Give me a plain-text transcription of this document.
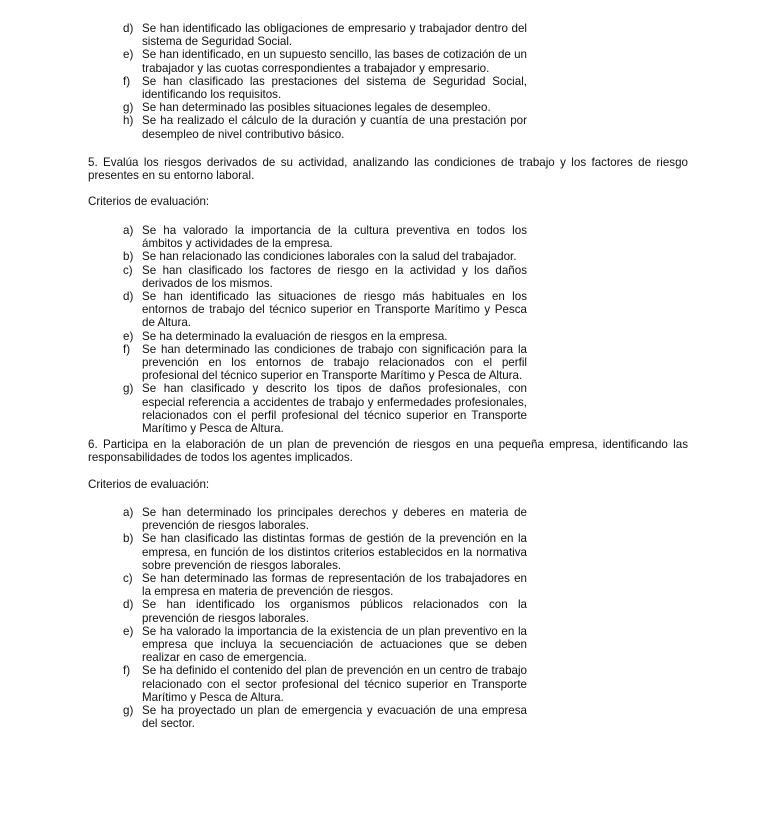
d) Se han identificado las obligaciones de empresario y trabajador dentro del sistema de Seguridad Social.
e) Se han identificado, en un supuesto sencillo, las bases de cotización de un trabajador y las cuotas correspondientes a trabajador y empresario.
f) Se han clasificado las prestaciones del sistema de Seguridad Social, identificando los requisitos.
g) Se han determinado las posibles situaciones legales de desempleo.
h) Se ha realizado el cálculo de la duración y cuantía de una prestación por desempleo de nivel contributivo básico.

5. Evalúa los riesgos derivados de su actividad, analizando las condiciones de trabajo y los factores de riesgo presentes en su entorno laboral.

Criterios de evaluación:

a) Se ha valorado la importancia de la cultura preventiva en todos los ámbitos y actividades de la empresa.
b) Se han relacionado las condiciones laborales con la salud del trabajador.
c) Se han clasificado los factores de riesgo en la actividad y los daños derivados de los mismos.
d) Se han identificado las situaciones de riesgo más habituales en los entornos de trabajo del técnico superior en Transporte Marítimo y Pesca de Altura.
e) Se ha determinado la evaluación de riesgos en la empresa.
f) Se han determinado las condiciones de trabajo con significación para la prevención en los entornos de trabajo relacionados con el perfil profesional del técnico superior en Transporte Marítimo y Pesca de Altura.
g) Se han clasificado y descrito los tipos de daños profesionales, con especial referencia a accidentes de trabajo y enfermedades profesionales, relacionados con el perfil profesional del técnico superior en Transporte Marítimo y Pesca de Altura.

6. Participa en la elaboración de un plan de prevención de riesgos en una pequeña empresa, identificando las responsabilidades de todos los agentes implicados.

Criterios de evaluación:

a) Se han determinado los principales derechos y deberes en materia de prevención de riesgos laborales.
b) Se han clasificado las distintas formas de gestión de la prevención en la empresa, en función de los distintos criterios establecidos en la normativa sobre prevención de riesgos laborales.
c) Se han determinado las formas de representación de los trabajadores en la empresa en materia de prevención de riesgos.
d) Se han identificado los organismos públicos relacionados con la prevención de riesgos laborales.
e) Se ha valorado la importancia de la existencia de un plan preventivo en la empresa que incluya la secuenciación de actuaciones que se deben realizar en caso de emergencia.
f) Se ha definido el contenido del plan de prevención en un centro de trabajo relacionado con el sector profesional del técnico superior en Transporte Marítimo y Pesca de Altura.
g) Se ha proyectado un plan de emergencia y evacuación de una empresa del sector.
